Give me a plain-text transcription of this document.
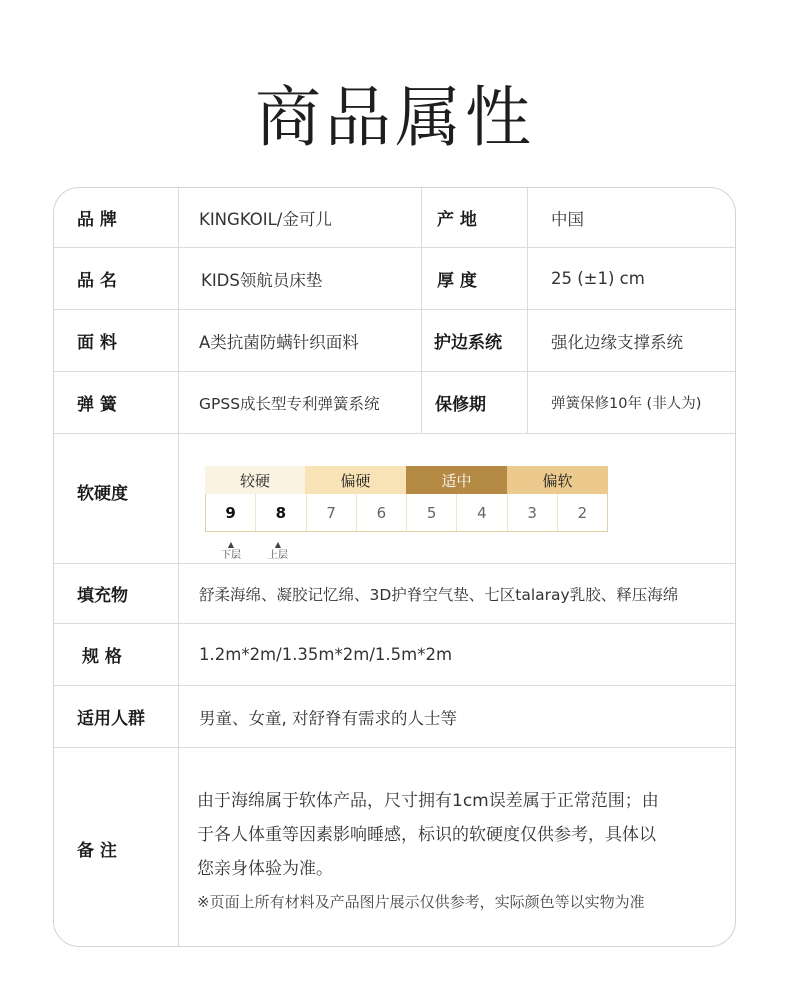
商品属性
品 牌	KINGKOIL/金可儿	产 地	中国
品 名	KIDS领航员床垫	厚 度	25 (±1) cm
面 料	A类抗菌防螨针织面料	护边系统	强化边缘支撑系统
弹 簧	GPSS成长型专利弹簧系统	保修期	弹簧保修10年 (非人为)
软硬度
较硬	偏硬	适中	偏软
9	8	7	6	5	4	3	2
▲
下层
▲
上层
填充物	舒柔海绵、凝胶记忆绵、3D护脊空气垫、七区talaray乳胶、释压海绵
规 格	1.2m*2m/1.35m*2m/1.5m*2m
适用人群	男童、女童, 对舒脊有需求的人士等
备 注

由于海绵属于软体产品，尺寸拥有1cm误差属于正常范围；由

于各人体重等因素影响睡感，标识的软硬度仅供参考，具体以

您亲身体验为准。

※页面上所有材料及产品图片展示仅供参考，实际颜色等以实物为准
